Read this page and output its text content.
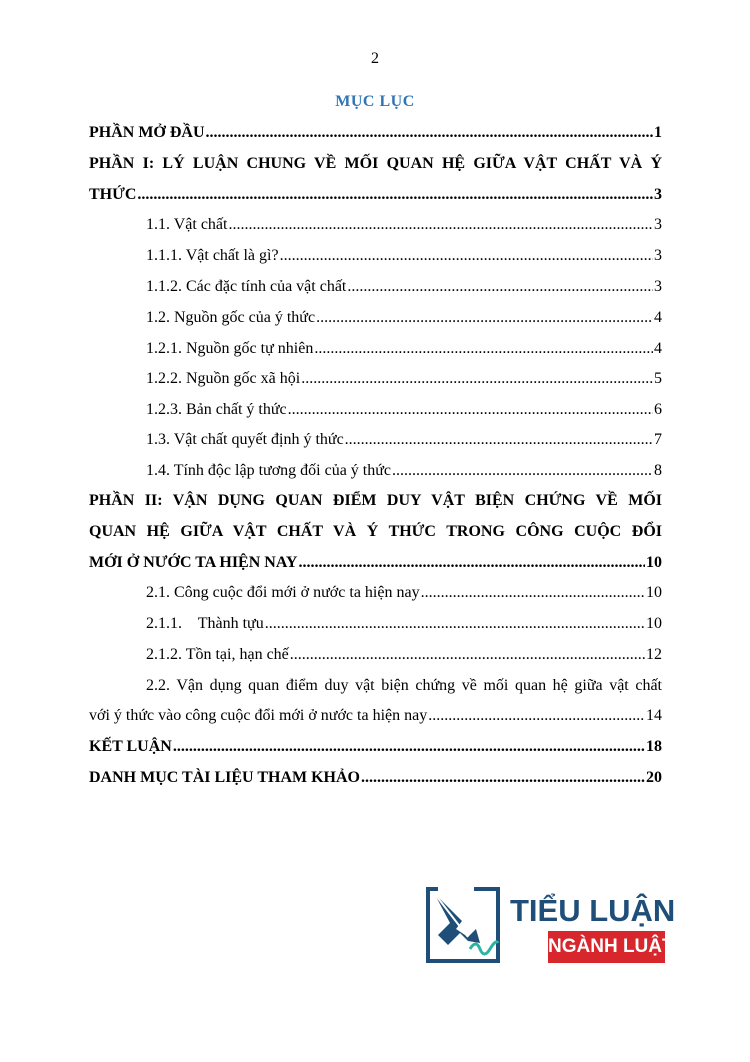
2
MỤC LỤC
PHẦN MỞ ĐẦU .....	1
PHẦN I: LÝ LUẬN CHUNG VỀ MỐI QUAN HỆ GIỮA VẬT CHẤT VÀ Ý
THỨC .....	3
1.1. Vật chất .....	3
1.1.1. Vật chất là gì? .....	3
1.1.2. Các đặc tính của vật chất .....	3
1.2. Nguồn gốc của ý thức .....	4
1.2.1. Nguồn gốc tự nhiên .....	4
1.2.2. Nguồn gốc xã hội .....	5
1.2.3. Bản chất ý thức .....	6
1.3. Vật chất quyết định ý thức .....	7
1.4. Tính độc lập tương đối của ý thức .....	8
PHẦN II: VẬN DỤNG QUAN ĐIỂM DUY VẬT BIỆN CHỨNG VỀ MỐI
QUAN HỆ GIỮA VẬT CHẤT VÀ Ý THỨC TRONG CÔNG CUỘC ĐỔI
MỚI Ở NƯỚC TA HIỆN NAY .....	10
2.1. Công cuộc đổi mới ở nước ta hiện nay .....	10
2.1.1.    Thành tựu .....	10
2.1.2. Tồn tại, hạn chế .....	12
2.2. Vận dụng quan điểm duy vật biện chứng về mối quan hệ giữa vật chất
với ý thức vào công cuộc đổi mới ở nước ta hiện nay .....	14
KẾT LUẬN .....	18
DANH MỤC TÀI LIỆU THAM KHẢO .....	20
TIỂU LUẬN
NGÀNH LUẬT
